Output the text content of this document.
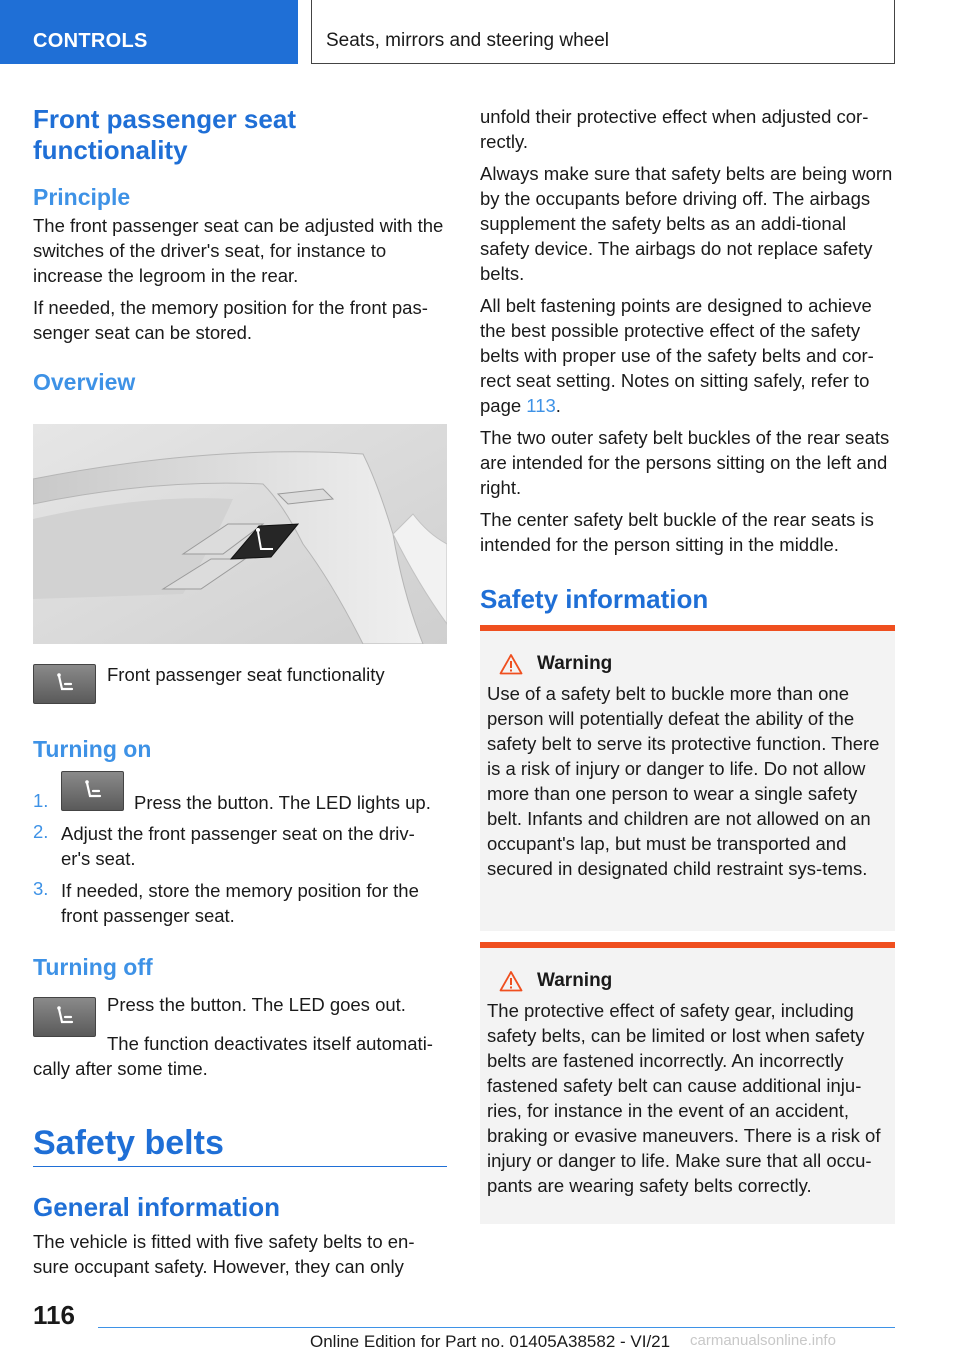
CONTROLS	Seats, mirrors and steering wheel
Front passenger seat functionality
Principle
The front passenger seat can be adjusted with the switches of the driver's seat, for instance to increase the legroom in the rear.
If needed, the memory position for the front pas‐senger seat can be stored.
Overview
Front passenger seat functionality
Turning on
1.	Press the button. The LED lights up.
2. Adjust the front passenger seat on the driv‐er's seat.
3. If needed, store the memory position for the front passenger seat.
Turning off
Press the button. The LED goes out.
The function deactivates itself automati‐cally after some time.
Safety belts
General information
The vehicle is fitted with five safety belts to en‐sure occupant safety. However, they can only
unfold their protective effect when adjusted cor‐rectly.
Always make sure that safety belts are being worn by the occupants before driving off. The airbags supplement the safety belts as an addi‐tional safety device. The airbags do not replace safety belts.
All belt fastening points are designed to achieve the best possible protective effect of the safety belts with proper use of the safety belts and cor‐rect seat setting. Notes on sitting safely, refer to page 113.
The two outer safety belt buckles of the rear seats are intended for the persons sitting on the left and right.
The center safety belt buckle of the rear seats is intended for the person sitting in the middle.
Safety information
Warning
Use of a safety belt to buckle more than one person will potentially defeat the ability of the safety belt to serve its protective function. There is a risk of injury or danger to life. Do not allow more than one person to wear a single safety belt. Infants and children are not allowed on an occupant's lap, but must be transported and secured in designated child restraint sys‐tems.
Warning
The protective effect of safety gear, including safety belts, can be limited or lost when safety belts are fastened incorrectly. An incorrectly fastened safety belt can cause additional inju‐ries, for instance in the event of an accident, braking or evasive maneuvers. There is a risk of injury or danger to life. Make sure that all occu‐pants are wearing safety belts correctly.
116
Online Edition for Part no. 01405A38582 - VI/21 carmanualsonline.info
